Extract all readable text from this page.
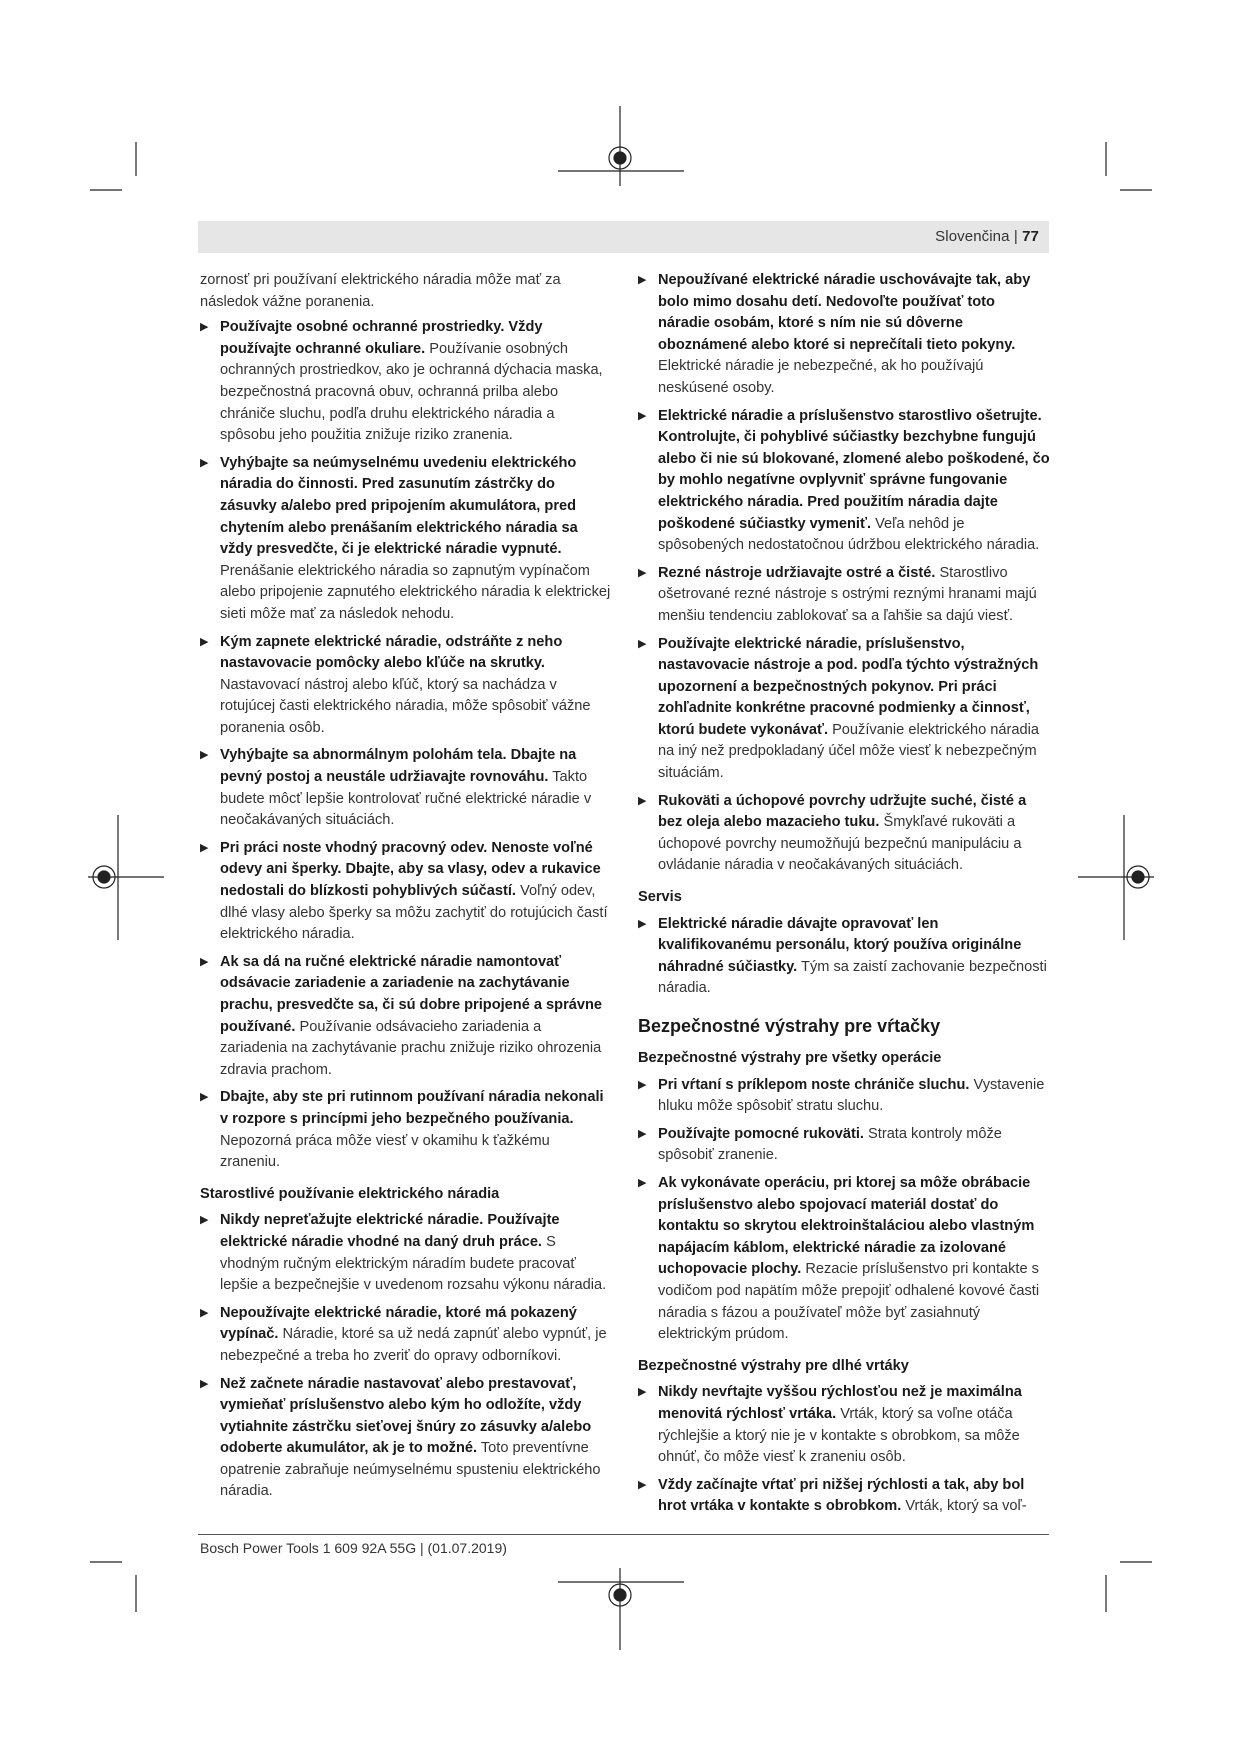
Slovenčina | 77

zornosť pri používaní elektrického náradia môže mať za následok vážne poranenia.

▶ Používajte osobné ochranné prostriedky. Vždy používajte ochranné okuliare. Používanie osobných ochranných prostriedkov, ako je ochranná dýchacia maska, bezpečnostná pracovná obuv, ochranná prilba alebo chrániče sluchu, podľa druhu elektrického náradia a spôsobu jeho použitia znižuje riziko zranenia.
▶ Vyhýbajte sa neúmyselnému uvedeniu elektrického náradia do činnosti. Pred zasunutím zástrčky do zásuvky a/alebo pred pripojením akumulátora, pred chytením alebo prenášaním elektrického náradia sa vždy presvedčte, či je elektrické náradie vypnuté. Prenášanie elektrického náradia so zapnutým vypínačom alebo pripojenie zapnutého elektrického náradia k elektrickej sieti môže mať za následok nehodu.
▶ Kým zapnete elektrické náradie, odstráňte z neho nastavovacie pomôcky alebo kľúče na skrutky. Nastavovací nástroj alebo kľúč, ktorý sa nachádza v rotujúcej časti elektrického náradia, môže spôsobiť vážne poranenia osôb.
▶ Vyhýbajte sa abnormálnym polohám tela. Dbajte na pevný postoj a neustále udržiavajte rovnováhu. Takto budete môcť lepšie kontrolovať ručné elektrické náradie v neočakávaných situáciách.
▶ Pri práci noste vhodný pracovný odev. Nenoste voľné odevy ani šperky. Dbajte, aby sa vlasy, odev a rukavice nedostali do blízkosti pohyblivých súčastí. Voľný odev, dlhé vlasy alebo šperky sa môžu zachytiť do rotujúcich častí elektrického náradia.
▶ Ak sa dá na ručné elektrické náradie namontovať odsávacie zariadenie a zariadenie na zachytávanie prachu, presvedčte sa, či sú dobre pripojené a správne používané. Používanie odsávacieho zariadenia a zariadenia na zachytávanie prachu znižuje riziko ohrozenia zdravia prachom.
▶ Dbajte, aby ste pri rutinnom používaní náradia nekonali v rozpore s princípmi jeho bezpečného používania. Nepozorná práca môže viesť v okamihu k ťažkému zraneniu.
Starostlivé používanie elektrického náradia
▶ Nikdy nepreťažujte elektrické náradie. Používajte elektrické náradie vhodné na daný druh práce. S vhodným ručným elektrickým náradím budete pracovať lepšie a bezpečnejšie v uvedenom rozsahu výkonu náradia.
▶ Nepoužívajte elektrické náradie, ktoré má pokazený vypínač. Náradie, ktoré sa už nedá zapnúť alebo vypnúť, je nebezpečné a treba ho zveriť do opravy odborníkovi.
▶ Než začnete náradie nastavovať alebo prestavovať, vymieňať príslušenstvo alebo kým ho odložíte, vždy vytiahnite zástrčku sieťovej šnúry zo zásuvky a/alebo odoberte akumulátor, ak je to možné. Toto preventívne opatrenie zabraňuje neúmyselnému spusteniu elektrického náradia.
▶ Nepoužívané elektrické náradie uschovávajte tak, aby bolo mimo dosahu detí. Nedovoľte používať toto náradie osobám, ktoré s ním nie sú dôverne oboznámené alebo ktoré si neprečítali tieto pokyny. Elektrické náradie je nebezpečné, ak ho používajú neskúsené osoby.
▶ Elektrické náradie a príslušenstvo starostlivo ošetrujte. Kontrolujte, či pohyblivé súčiastky bezchybne fungujú alebo či nie sú blokované, zlomené alebo poškodené, čo by mohlo negatívne ovplyvniť správne fungovanie elektrického náradia. Pred použitím náradia dajte poškodené súčiastky vymeniť. Veľa nehôd je spôsobených nedostatočnou údržbou elektrického náradia.
▶ Rezné nástroje udržiavajte ostré a čisté. Starostlivo ošetrované rezné nástroje s ostrými reznými hranami majú menšiu tendenciu zablokovať sa a ľahšie sa dajú viesť.
▶ Používajte elektrické náradie, príslušenstvo, nastavovacie nástroje a pod. podľa týchto výstražných upozornení a bezpečnostných pokynov. Pri práci zohľadnite konkrétne pracovné podmienky a činnosť, ktorú budete vykonávať. Používanie elektrického náradia na iný než predpokladaný účel môže viesť k nebezpečným situáciám.
▶ Rukoväti a úchopové povrchy udržujte suché, čisté a bez oleja alebo mazacieho tuku. Šmykľavé rukoväti a úchopové povrchy neumožňujú bezpečnú manipuláciu a ovládanie náradia v neočakávaných situáciách.
Servis
▶ Elektrické náradie dávajte opravovať len kvalifikovanému personálu, ktorý používa originálne náhradné súčiastky. Tým sa zaistí zachovanie bezpečnosti náradia.
Bezpečnostné výstrahy pre vŕtačky
Bezpečnostné výstrahy pre všetky operácie
▶ Pri vŕtaní s príklepom noste chrániče sluchu. Vystavenie hluku môže spôsobiť stratu sluchu.
▶ Používajte pomocné rukoväti. Strata kontroly môže spôsobiť zranenie.
▶ Ak vykonávate operáciu, pri ktorej sa môže obrábacie príslušenstvo alebo spojovací materiál dostať do kontaktu so skrytou elektroinštaláciou alebo vlastným napájacím káblom, elektrické náradie za izolované uchopovacie plochy. Rezacie príslušenstvo pri kontakte s vodičom pod napätím môže prepojiť odhalené kovové časti náradia s fázou a používateľ môže byť zasiahnutý elektrickým prúdom.
Bezpečnostné výstrahy pre dlhé vrtáky
▶ Nikdy nevŕtajte vyššou rýchlosťou než je maximálna menovitá rýchlosť vrtáka. Vrták, ktorý sa voľne otáča rýchlejšie a ktorý nie je v kontakte s obrobkom, sa môže ohnúť, čo môže viesť k zraneniu osôb.
▶ Vždy začínajte vŕtať pri nižšej rýchlosti a tak, aby bol hrot vrtáka v kontakte s obrobkom. Vrták, ktorý sa voľ-
Bosch Power Tools 1 609 92A 55G | (01.07.2019)
